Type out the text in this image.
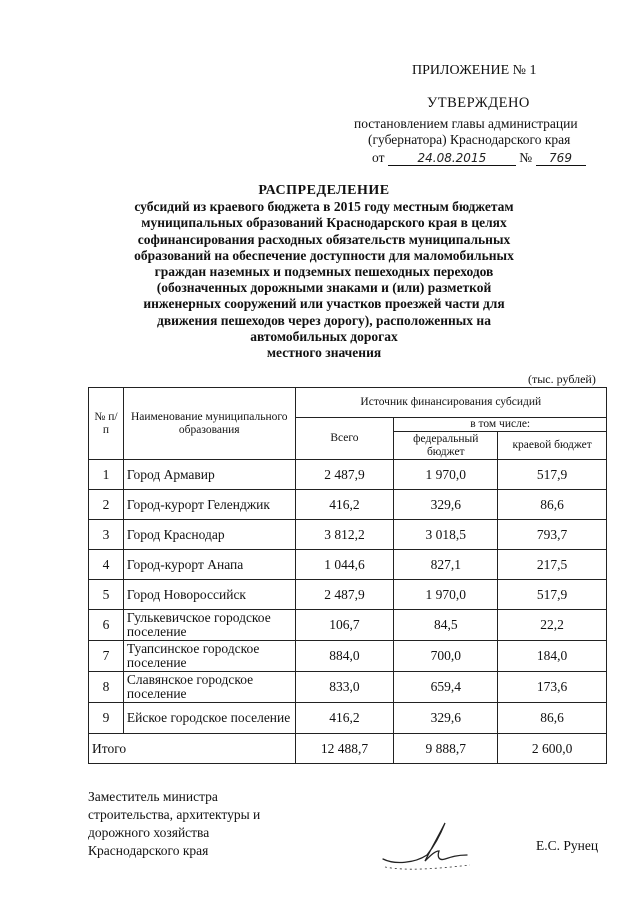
ПРИЛОЖЕНИЕ № 1
УТВЕРЖДЕНО
постановлением главы администрации
(губернатора) Краснодарского края
от	24.08.2015 № 769
РАСПРЕДЕЛЕНИЕ
субсидий из краевого бюджета в 2015 году местным бюджетам
муниципальных образований Краснодарского края в целях
софинансирования расходных обязательств муниципальных
образований на обеспечение доступности для маломобильных
граждан наземных и подземных пешеходных переходов
(обозначенных дорожными знаками и (или) разметкой
инженерных сооружений или участков проезжей части для
движения пешеходов через дорогу), расположенных на
автомобильных дорогах
местного значения
(тыс. рублей)
№ п/п	Наименование муниципального образования	Источник финансирования субсидий		
		Всего	в том числе:	
			федеральный бюджет	краевой бюджет
1	Город Армавир	2 487,9	1 970,0	517,9
2	Город-курорт Геленджик	416,2	329,6	86,6
3	Город Краснодар	3 812,2	3 018,5	793,7
4	Город-курорт Анапа	1 044,6	827,1	217,5
5	Город Новороссийск	2 487,9	1 970,0	517,9
6	Гулькевичское городское поселение	106,7	84,5	22,2
7	Туапсинское городское поселение	884,0	700,0	184,0
8	Славянское городское поселение	833,0	659,4	173,6
9	Ейское городское поселение	416,2	329,6	86,6
Итого		12 488,7	9 888,7	2 600,0
Заместитель министра
строительства, архитектуры и
дорожного хозяйства
Краснодарского края	Е.С. Рунец
